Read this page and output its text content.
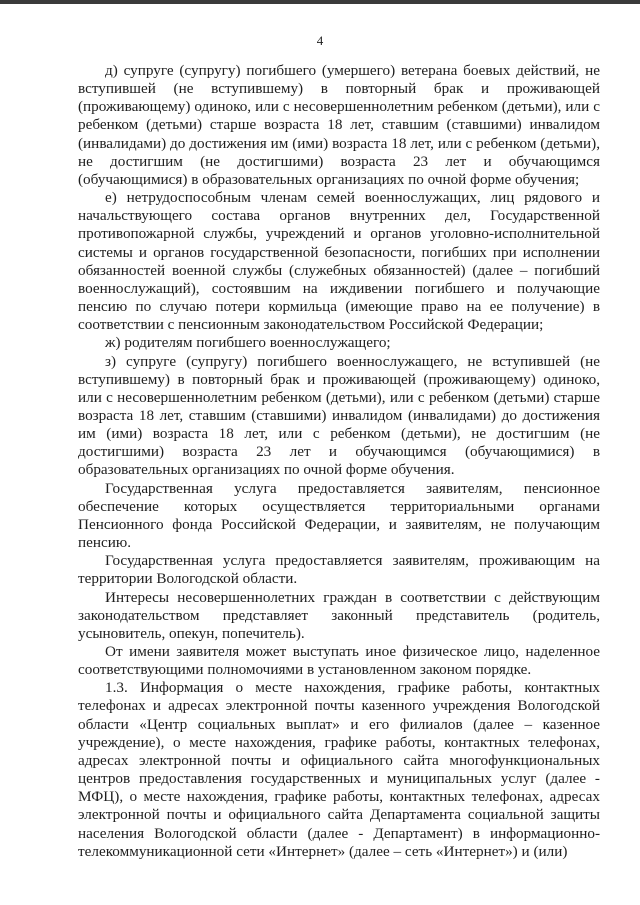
4

д) супруге (супругу) погибшего (умершего) ветерана боевых действий, не вступившей (не вступившему) в повторный брак и проживающей (проживающему) одиноко, или с несовершеннолетним ребенком (детьми), или с ребенком (детьми) старше возраста 18 лет, ставшим (ставшими) инвалидом (инвалидами) до достижения им (ими) возраста 18 лет, или с ребенком (детьми), не достигшим (не достигшими) возраста 23 лет и обучающимся (обучающимися) в образовательных организациях по очной форме обучения;

е) нетрудоспособным членам семей военнослужащих, лиц рядового и начальствующего состава органов внутренних дел, Государственной противопожарной службы, учреждений и органов уголовно-исполнительной системы и органов государственной безопасности, погибших при исполнении обязанностей военной службы (служебных обязанностей) (далее – погибший военнослужащий), состоявшим на иждивении погибшего и получающие пенсию по случаю потери кормильца (имеющие право на ее получение) в соответствии с пенсионным законодательством Российской Федерации;

ж) родителям погибшего военнослужащего;

з) супруге (супругу) погибшего военнослужащего, не вступившей (не вступившему) в повторный брак и проживающей (проживающему) одиноко, или с несовершеннолетним ребенком (детьми), или с ребенком (детьми) старше возраста 18 лет, ставшим (ставшими) инвалидом (инвалидами) до достижения им (ими) возраста 18 лет, или с ребенком (детьми), не достигшим (не достигшими) возраста 23 лет и обучающимся (обучающимися) в образовательных организациях по очной форме обучения.

Государственная услуга предоставляется заявителям, пенсионное обеспечение которых осуществляется территориальными органами Пенсионного фонда Российской Федерации, и заявителям, не получающим пенсию.

Государственная услуга предоставляется заявителям, проживающим на территории Вологодской области.

Интересы несовершеннолетних граждан в соответствии с действующим законодательством представляет законный представитель (родитель, усыновитель, опекун, попечитель).

От имени заявителя может выступать иное физическое лицо, наделенное соответствующими полномочиями в установленном законом порядке.

1.3. Информация о месте нахождения, графике работы, контактных телефонах и адресах электронной почты казенного учреждения Вологодской области «Центр социальных выплат» и его филиалов (далее – казенное учреждение), о месте нахождения, графике работы, контактных телефонах, адресах электронной почты и официального сайта многофункциональных центров предоставления государственных и муниципальных услуг (далее - МФЦ), о месте нахождения, графике работы, контактных телефонах, адресах электронной почты и официального сайта Департамента социальной защиты населения Вологодской области (далее - Департамент) в информационно-телекоммуникационной сети «Интернет» (далее – сеть «Интернет») и (или)
